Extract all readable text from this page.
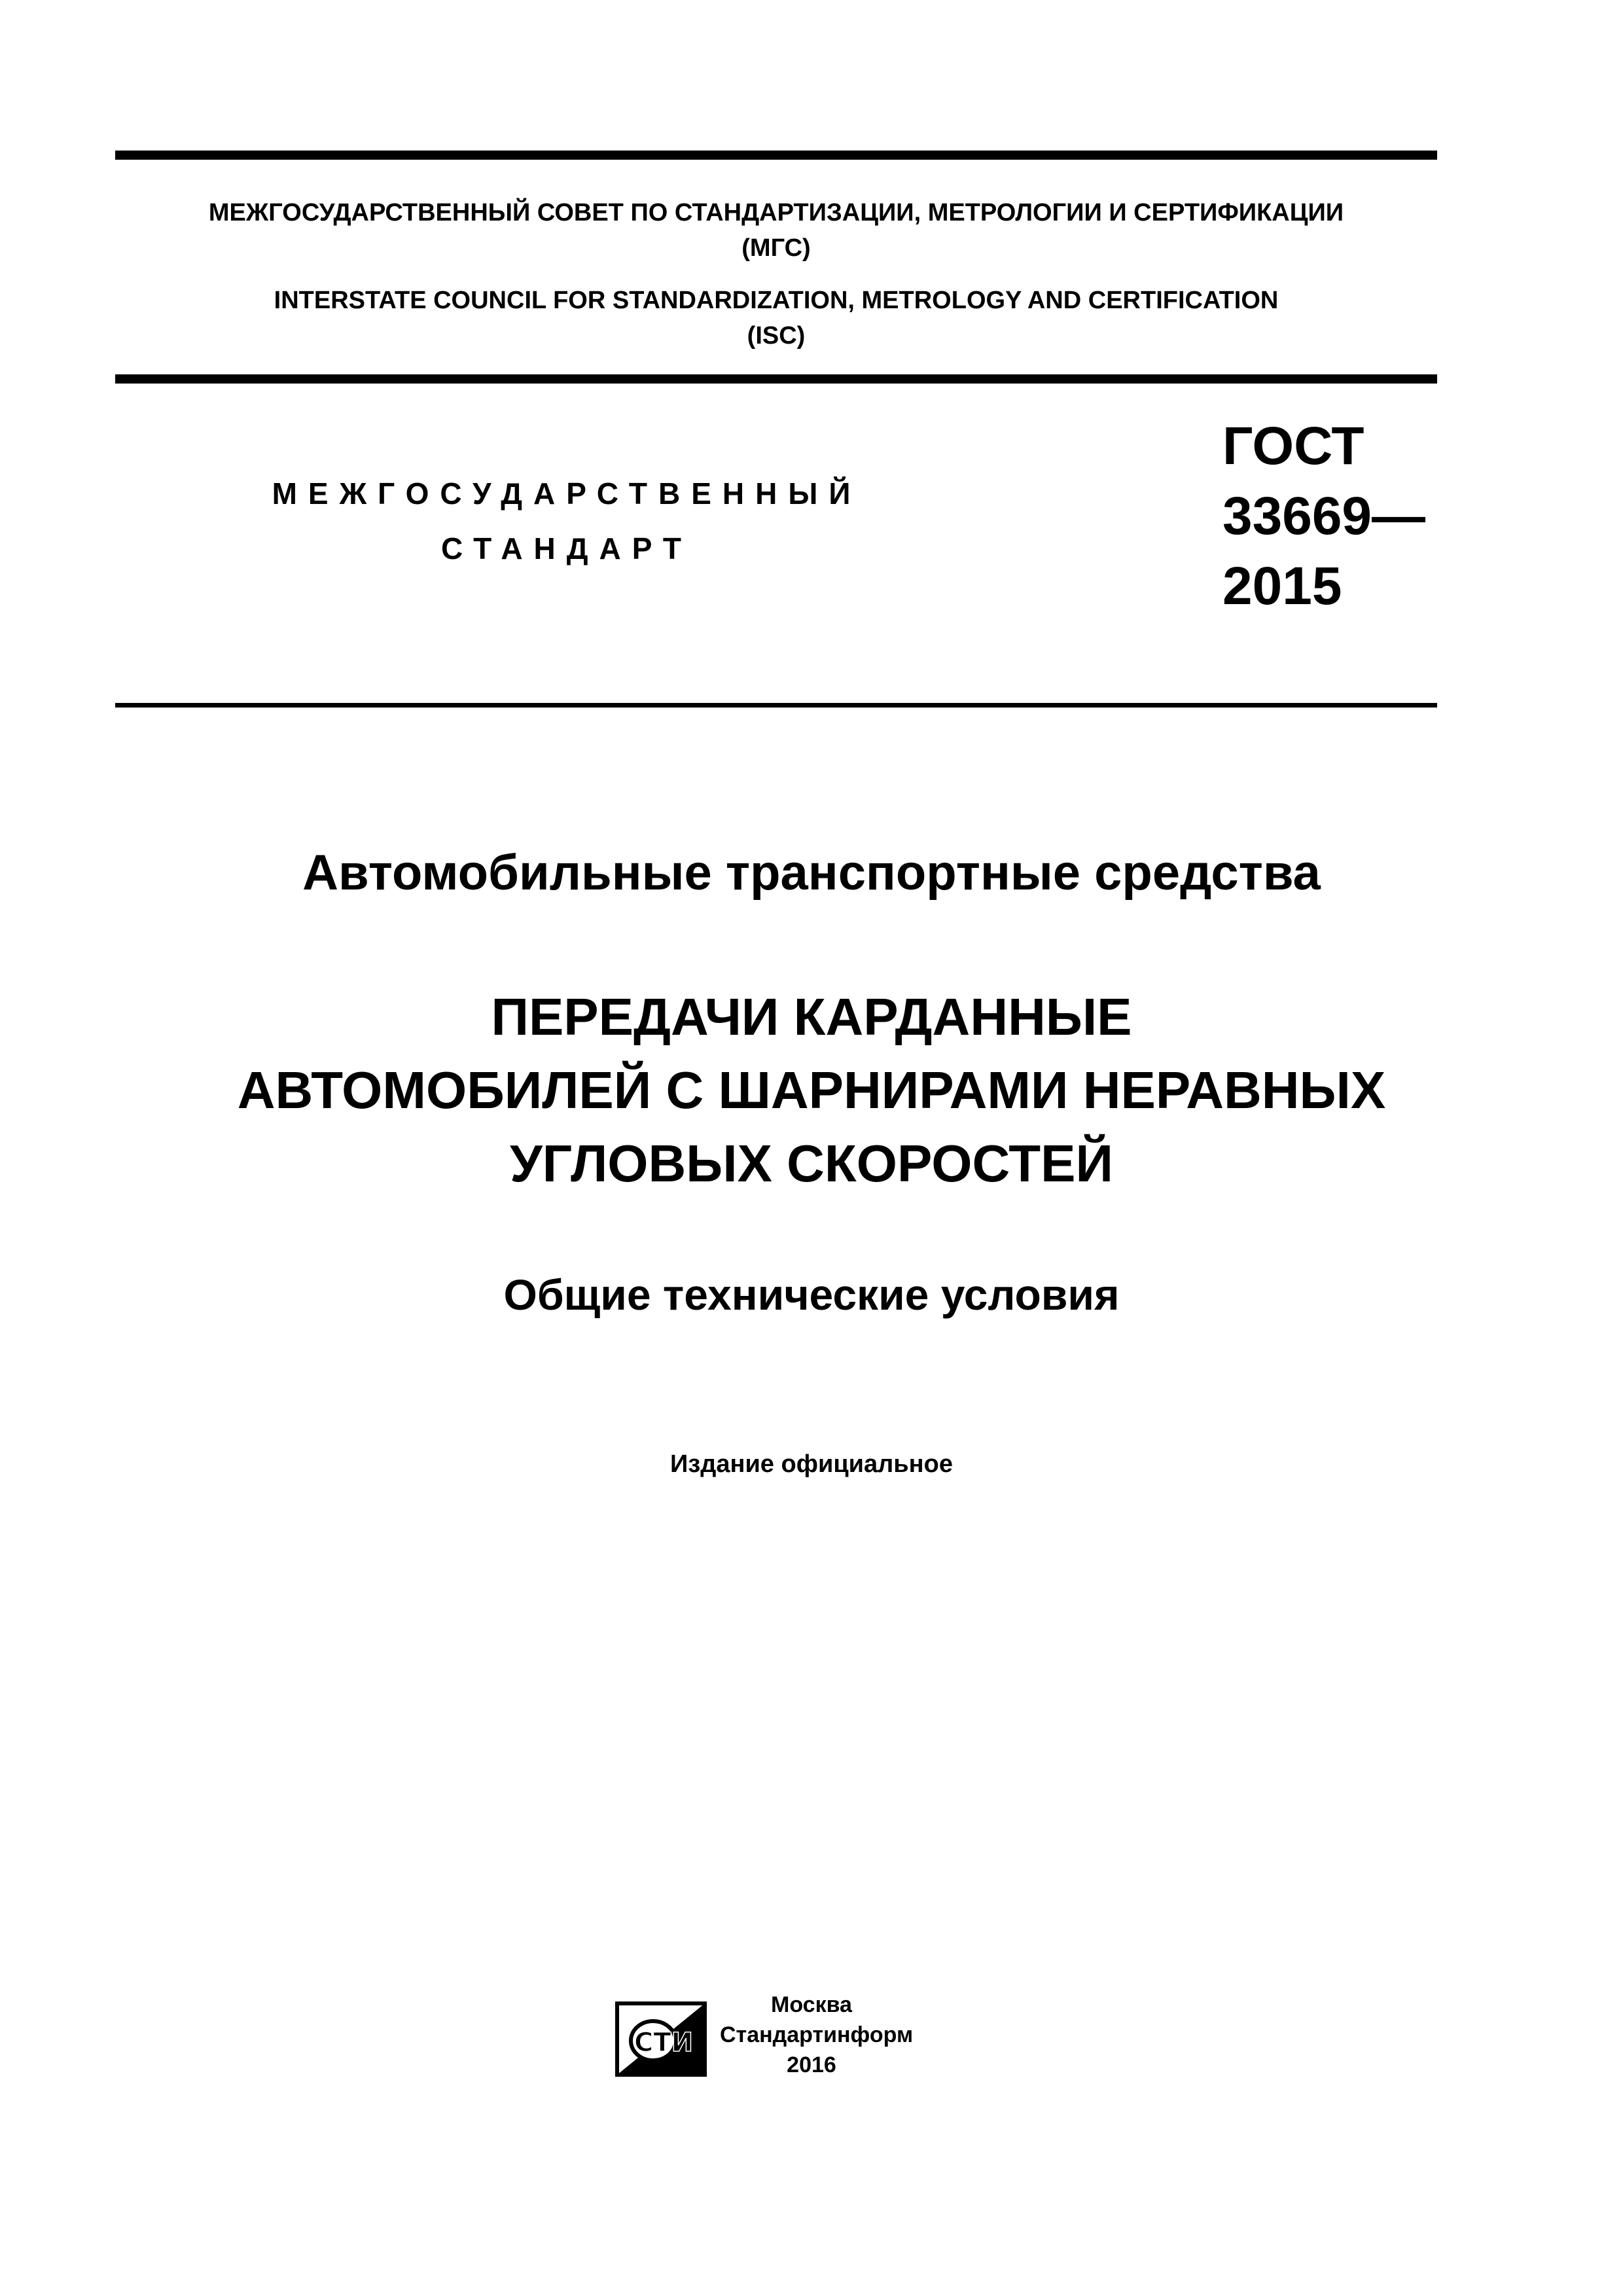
МЕЖГОСУДАРСТВЕННЫЙ СОВЕТ ПО СТАНДАРТИЗАЦИИ, МЕТРОЛОГИИ И СЕРТИФИКАЦИИ
(МГС)
INTERSTATE COUNCIL FOR STANDARDIZATION, METROLOGY AND CERTIFICATION
(ISC)
МЕЖГОСУДАРСТВЕННЫЙ
СТАНДАРТ
ГОСТ
33669—
2015
Автомобильные транспортные средства
ПЕРЕДАЧИ КАРДАННЫЕ
АВТОМОБИЛЕЙ С ШАРНИРАМИ НЕРАВНЫХ
УГЛОВЫХ СКОРОСТЕЙ
Общие технические условия
Издание официальное
СТИ
Москва
Стандартинформ
2016
